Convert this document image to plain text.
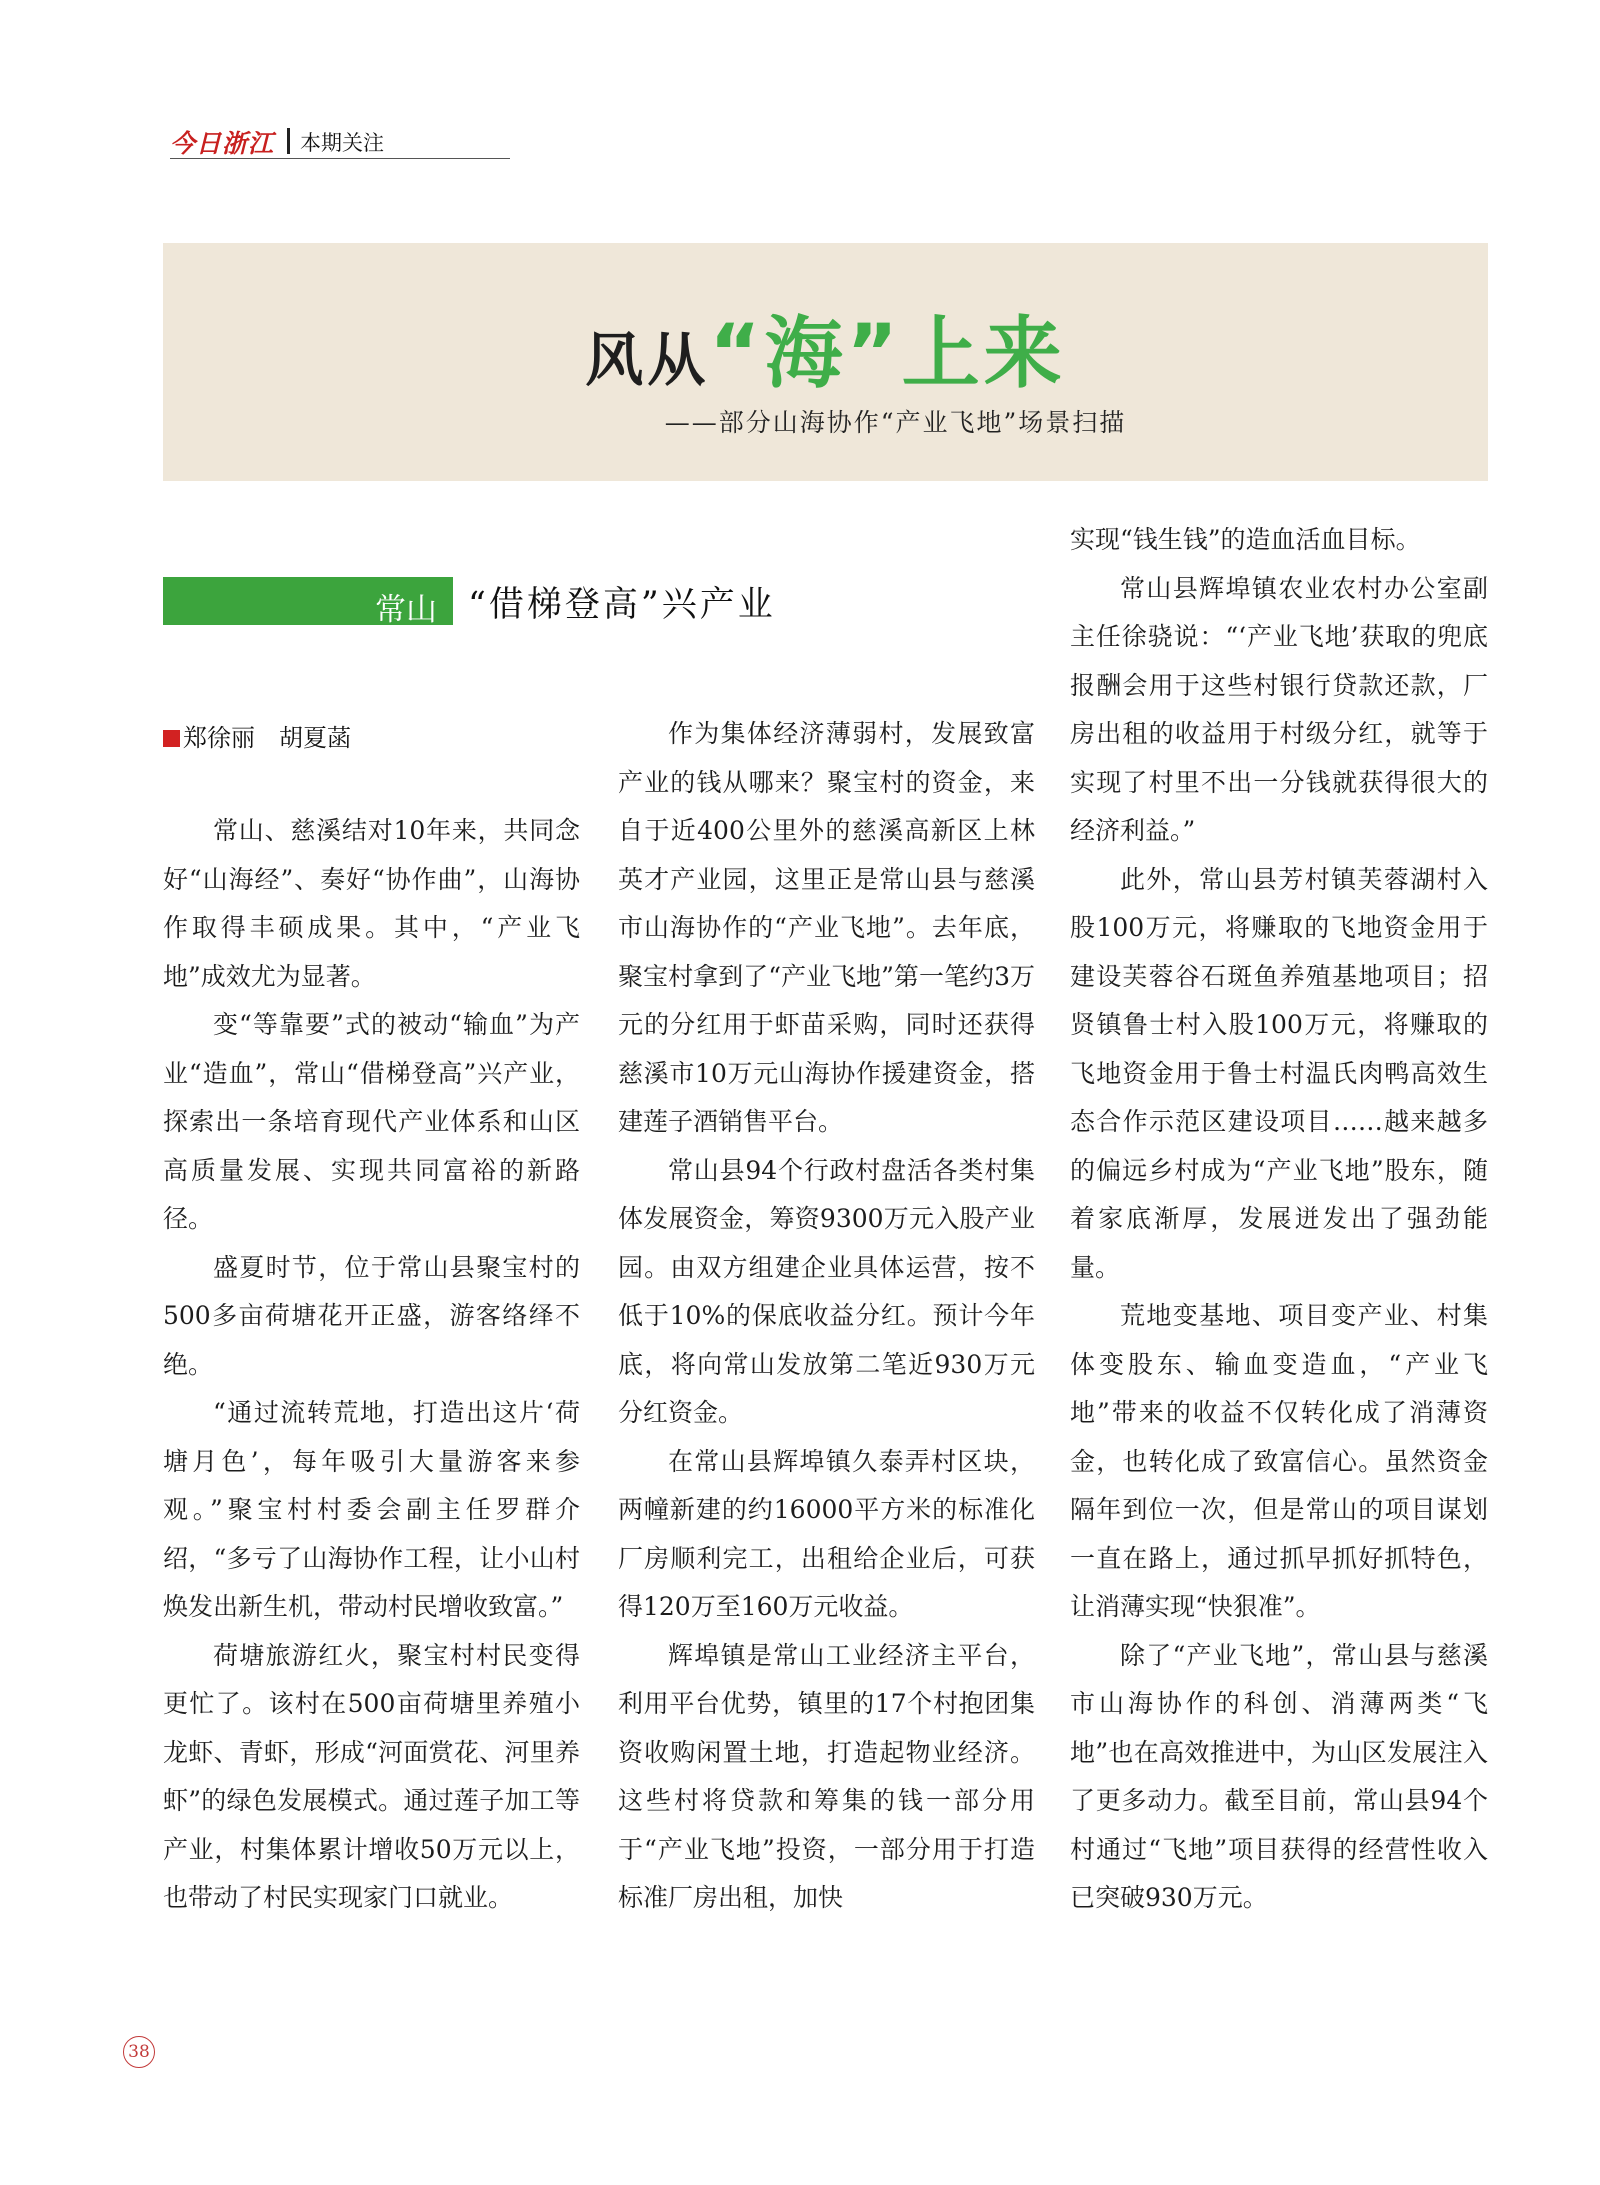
今日浙江 本期关注
风从“海”上来
——部分山海协作“产业飞地”场景扫描
常山 “借梯登高”兴产业
郑徐丽　胡夏菡

常山、慈溪结对10年来，共同念好“山海经”、奏好“协作曲”，山海协作取得丰硕成果。其中，“产业飞地”成效尤为显著。

变“等靠要”式的被动“输血”为产业“造血”，常山“借梯登高”兴产业，探索出一条培育现代产业体系和山区高质量发展、实现共同富裕的新路径。

盛夏时节，位于常山县聚宝村的500多亩荷塘花开正盛，游客络绎不绝。

“通过流转荒地，打造出这片‘荷塘月色’，每年吸引大量游客来参观。”聚宝村村委会副主任罗群介绍，“多亏了山海协作工程，让小山村焕发出新生机，带动村民增收致富。”

荷塘旅游红火，聚宝村村民变得更忙了。该村在500亩荷塘里养殖小龙虾、青虾，形成“河面赏花、河里养虾”的绿色发展模式。通过莲子加工等产业，村集体累计增收50万元以上，也带动了村民实现家门口就业。

作为集体经济薄弱村，发展致富产业的钱从哪来？聚宝村的资金，来自于近400公里外的慈溪高新区上林英才产业园，这里正是常山县与慈溪市山海协作的“产业飞地”。去年底，聚宝村拿到了“产业飞地”第一笔约3万元的分红用于虾苗采购，同时还获得慈溪市10万元山海协作援建资金，搭建莲子酒销售平台。

常山县94个行政村盘活各类村集体发展资金，筹资9300万元入股产业园。由双方组建企业具体运营，按不低于10%的保底收益分红。预计今年底，将向常山发放第二笔近930万元分红资金。

在常山县辉埠镇久泰弄村区块，两幢新建的约16000平方米的标准化厂房顺利完工，出租给企业后，可获得120万至160万元收益。

辉埠镇是常山工业经济主平台，利用平台优势，镇里的17个村抱团集资收购闲置土地，打造起物业经济。这些村将贷款和筹集的钱一部分用于“产业飞地”投资，一部分用于打造标准厂房出租，加快

实现“钱生钱”的造血活血目标。

常山县辉埠镇农业农村办公室副主任徐骁说：“‘产业飞地’获取的兜底报酬会用于这些村银行贷款还款，厂房出租的收益用于村级分红，就等于实现了村里不出一分钱就获得很大的经济利益。”

此外，常山县芳村镇芙蓉湖村入股100万元，将赚取的飞地资金用于建设芙蓉谷石斑鱼养殖基地项目；招贤镇鲁士村入股100万元，将赚取的飞地资金用于鲁士村温氏肉鸭高效生态合作示范区建设项目……越来越多的偏远乡村成为“产业飞地”股东，随着家底渐厚，发展迸发出了强劲能量。

荒地变基地、项目变产业、村集体变股东、输血变造血，“产业飞地”带来的收益不仅转化成了消薄资金，也转化成了致富信心。虽然资金隔年到位一次，但是常山的项目谋划一直在路上，通过抓早抓好抓特色，让消薄实现“快狠准”。

除了“产业飞地”，常山县与慈溪市山海协作的科创、消薄两类“飞地”也在高效推进中，为山区发展注入了更多动力。截至目前，常山县94个村通过“飞地”项目获得的经营性收入已突破930万元。

38
